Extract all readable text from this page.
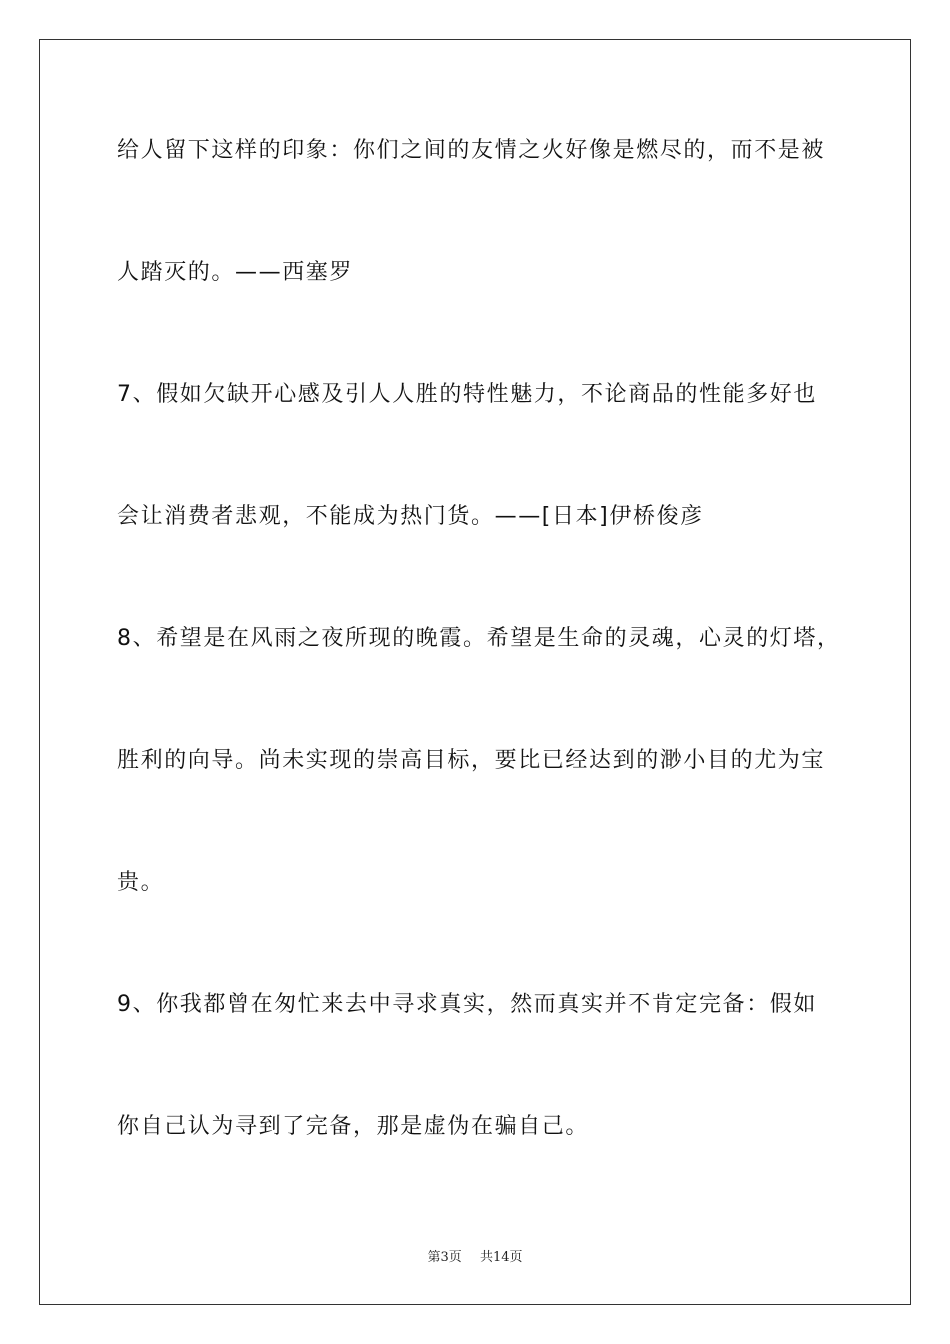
给人留下这样的印象：你们之间的友情之火好像是燃尽的，而不是被

人踏灭的。——西塞罗

7、假如欠缺开心感及引人人胜的特性魅力，不论商品的性能多好也

会让消费者悲观，不能成为热门货。——[日本]伊桥俊彦

8、希望是在风雨之夜所现的晚霞。希望是生命的灵魂，心灵的灯塔，

胜利的向导。尚未实现的崇高目标，要比已经达到的渺小目的尤为宝

贵。

9、你我都曾在匆忙来去中寻求真实，然而真实并不肯定完备：假如

你自己认为寻到了完备，那是虚伪在骗自己。

第3页 共14页
